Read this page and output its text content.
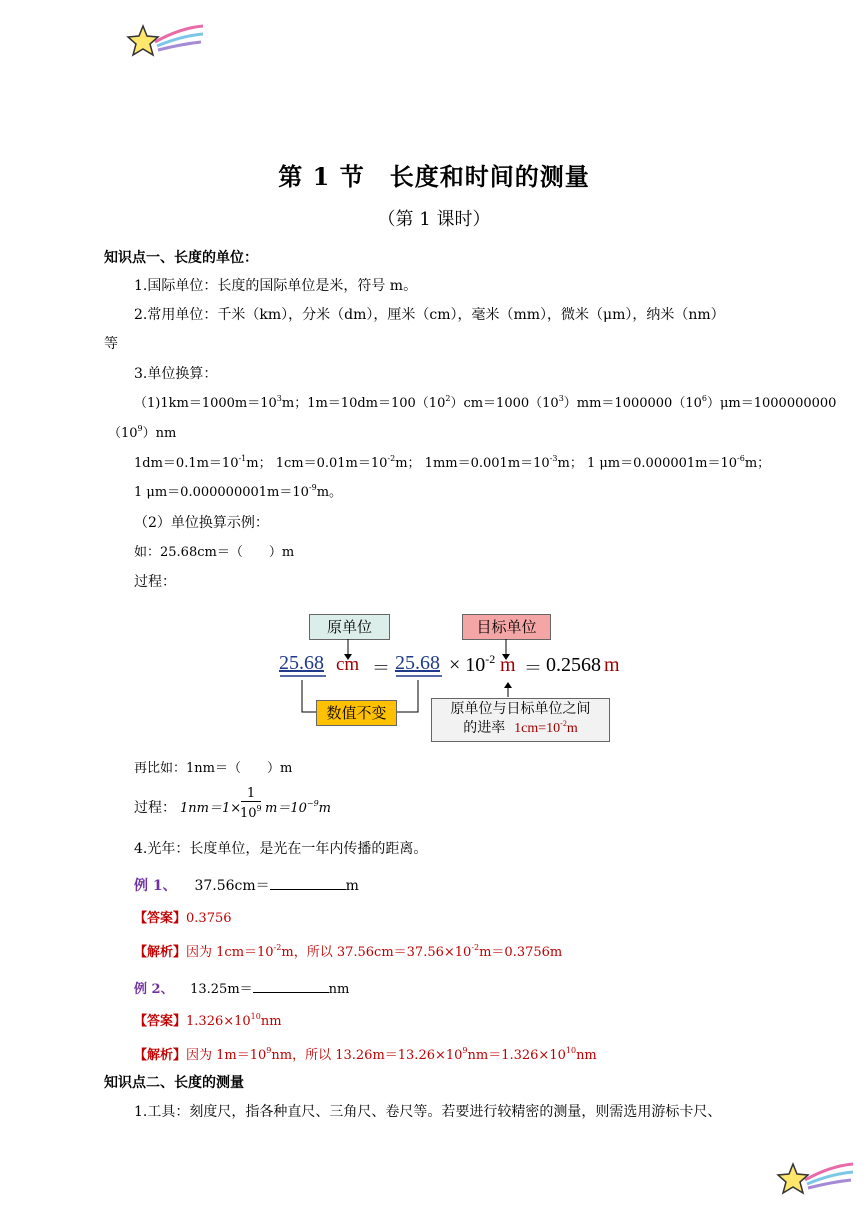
第 1 节　长度和时间的测量
（第 1 课时）
知识点一、长度的单位：
1.国际单位：长度的国际单位是米，符号 m。
2.常用单位：千米（km），分米（dm），厘米（cm），毫米（mm），微米（μm），纳米（nm）
等
3.单位换算：
$(1)1km=1000m=10^3m$；$1m=10dm=100(10^2)cm=1000(10^3)mm=1000000(10^6)\mu m=1000000000$
$(10^9)nm$
$1dm=0.1m=10^{-1}m$； $1cm=0.01m=10^{-2}m$； $1mm=0.001m=10^{-3}m$； 1 $\mu m=0.000001m=10^{-6}m$；
1 $\mu m=0.000000001m=10^{-9}m$。
（2）单位换算示例：
如：25.68cm＝（　　）m
过程：
原单位	目标单位
25.68 cm ＝ $25.68 \times 10^{-2}$ m ＝ 0.2568 m
数值不变	原单位与日标单位之间
的进率 $1cm=10^{-2}m$
再比如：1nm＝（　　）m
过程： 1nm＝1×
1
$10^9$ $m=10^{-9}m$
4.光年：长度单位，是光在一年内传播的距离。
例 1、 37.56cm＝	m
【答案】0.3756
【解析】因为 $1cm=10^{-2}m$，所以 $37.56cm=37.56\times 10^{-2}m=0.3756m$
例 2、 13.25m＝	nm
【答案】$1.326\times 10^{10}nm$
【解析】因为 $1m=10^9nm$，所以 $13.26m=13.26\times 10^9nm=1.326\times 10^{10}nm$
知识点二、长度的测量
1.工具：刻度尺，指各种直尺、三角尺、卷尺等。若要进行较精密的测量，则需选用游标卡尺、
